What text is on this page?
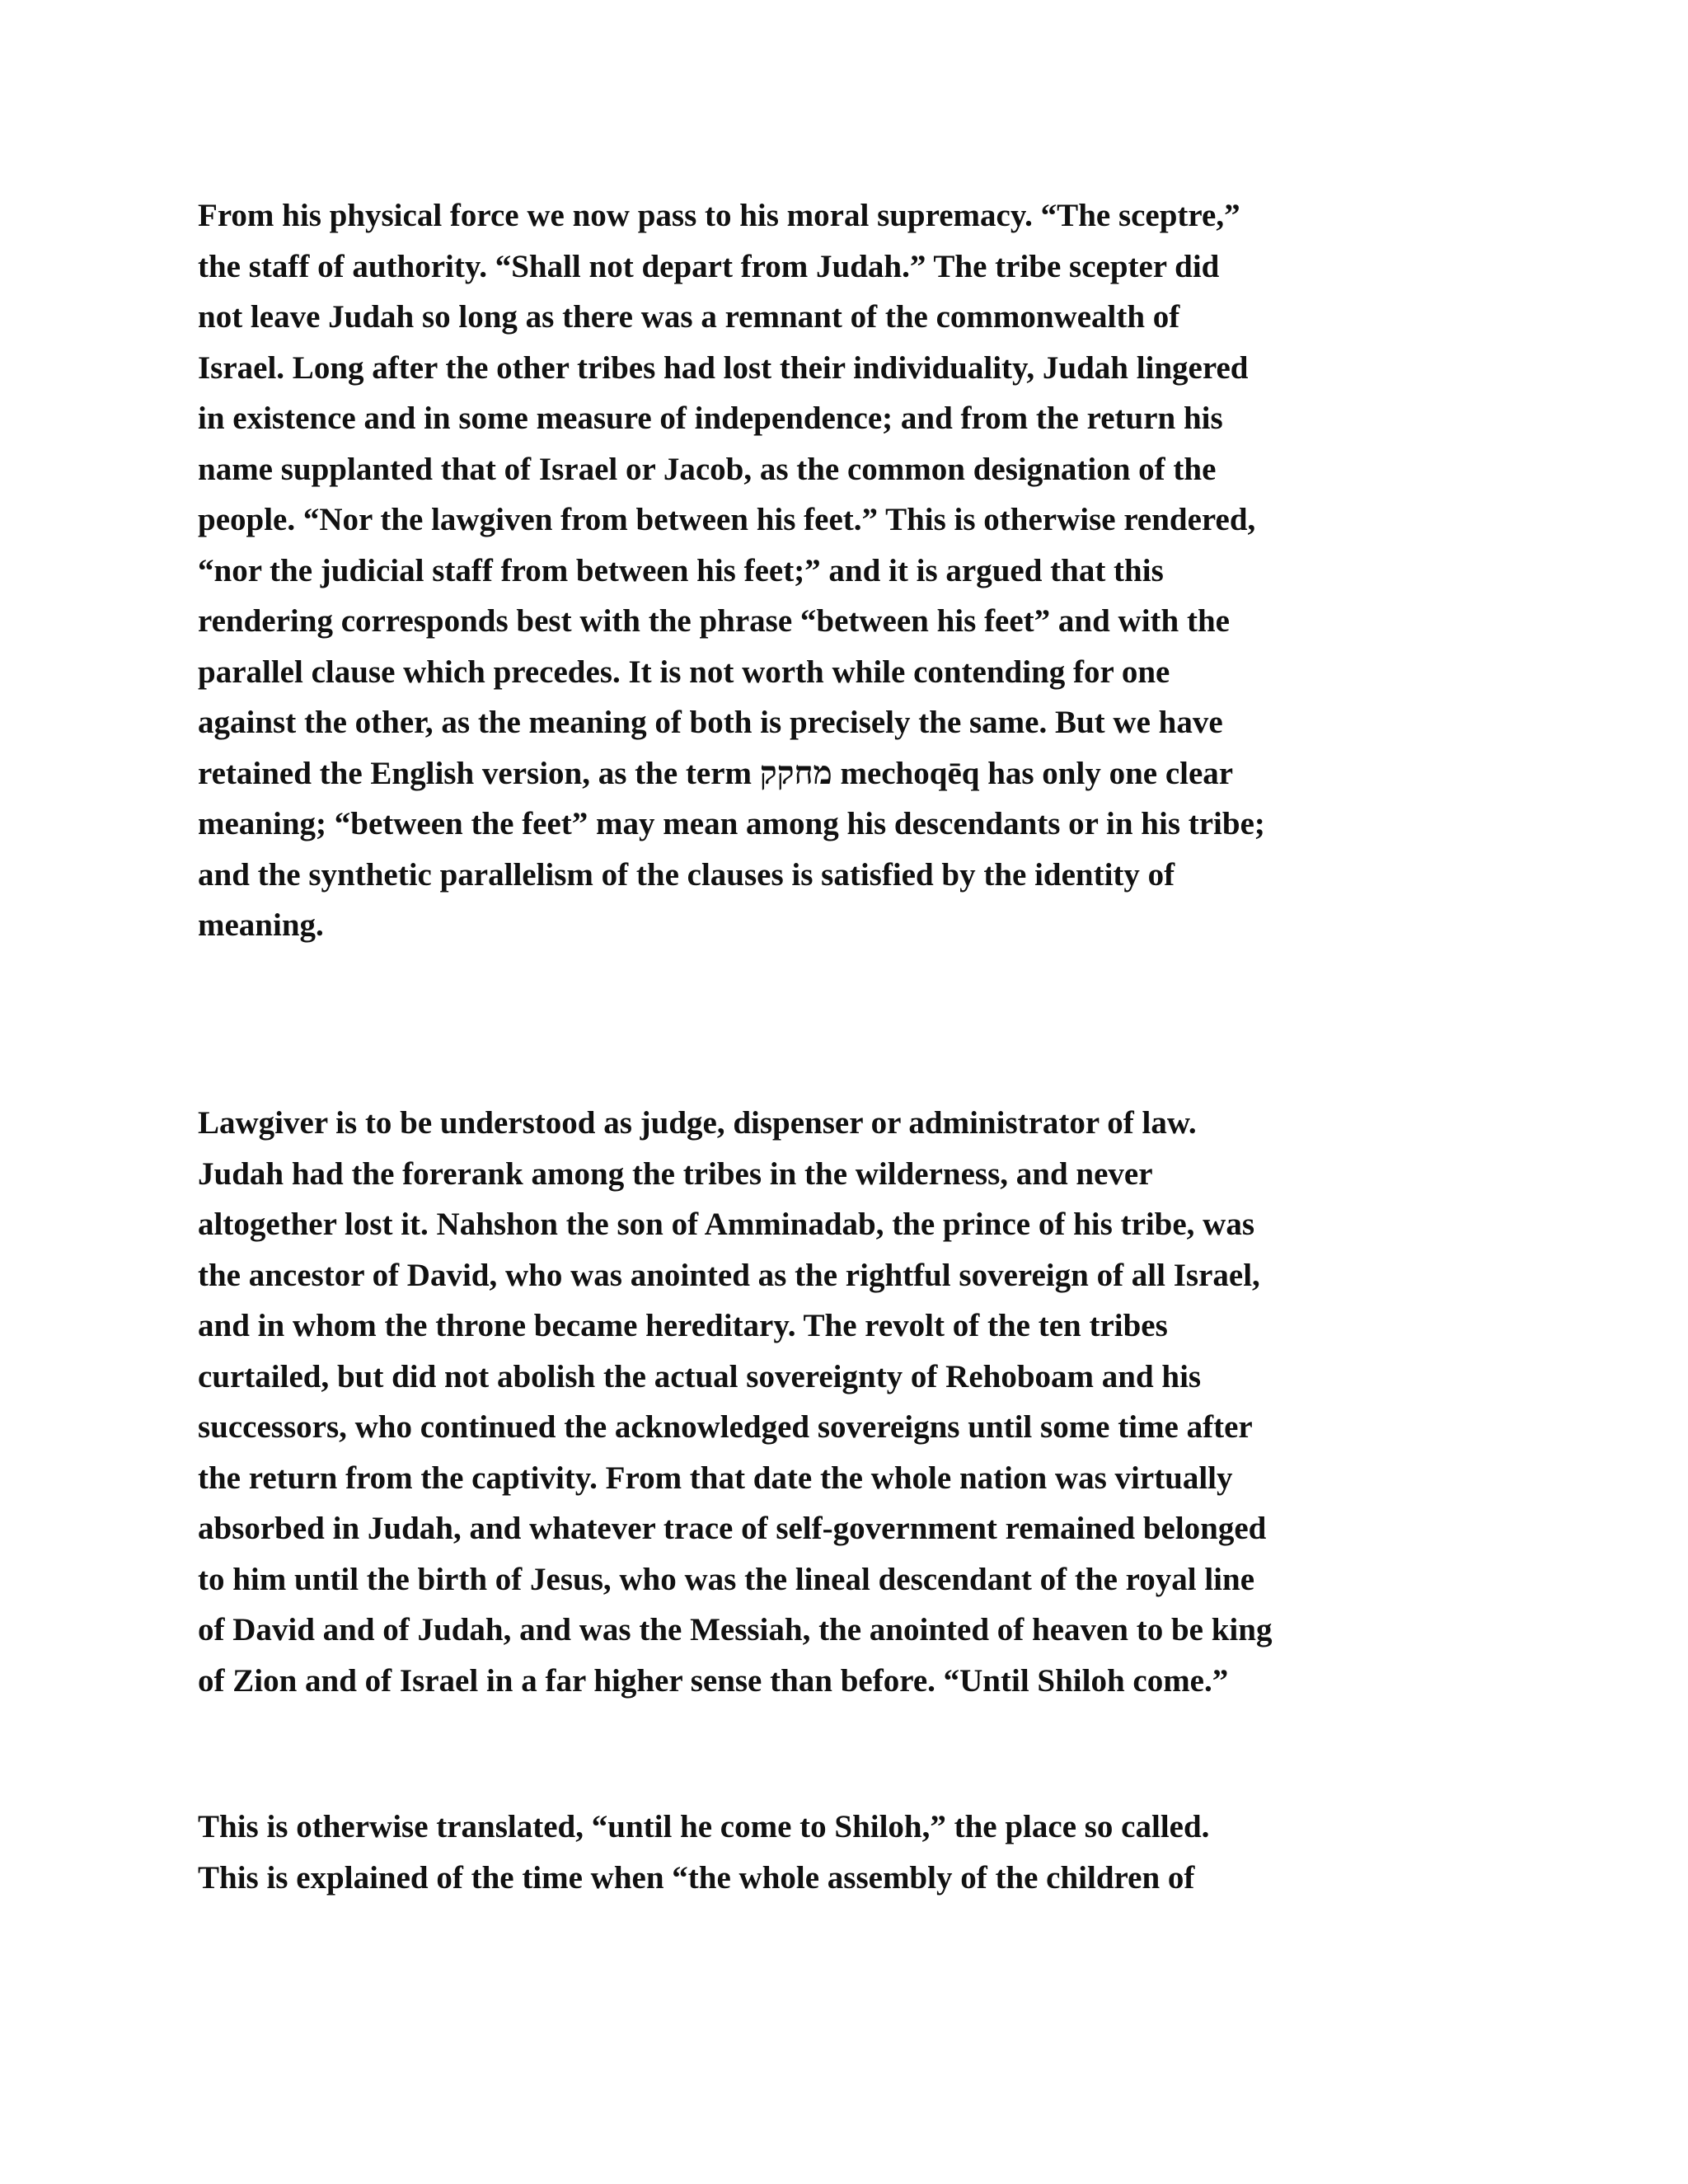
From his physical force we now pass to his moral supremacy. “The sceptre,”
the staff of authority. “Shall not depart from Judah.” The tribe scepter did
not leave Judah so long as there was a remnant of the commonwealth of
Israel. Long after the other tribes had lost their individuality, Judah lingered
in existence and in some measure of independence; and from the return his
name supplanted that of Israel or Jacob, as the common designation of the
people. “Nor the lawgiven from between his feet.” This is otherwise rendered,
“nor the judicial staff from between his feet;” and it is argued that this
rendering corresponds best with the phrase “between his feet” and with the
parallel clause which precedes. It is not worth while contending for one
against the other, as the meaning of both is precisely the same. But we have
retained the English version, as the term מחקק mechoqēq has only one clear
meaning; “between the feet” may mean among his descendants or in his tribe;
and the synthetic parallelism of the clauses is satisfied by the identity of
meaning.

Lawgiver is to be understood as judge, dispenser or administrator of law.
Judah had the forerank among the tribes in the wilderness, and never
altogether lost it. Nahshon the son of Amminadab, the prince of his tribe, was
the ancestor of David, who was anointed as the rightful sovereign of all Israel,
and in whom the throne became hereditary. The revolt of the ten tribes
curtailed, but did not abolish the actual sovereignty of Rehoboam and his
successors, who continued the acknowledged sovereigns until some time after
the return from the captivity. From that date the whole nation was virtually
absorbed in Judah, and whatever trace of self-government remained belonged
to him until the birth of Jesus, who was the lineal descendant of the royal line
of David and of Judah, and was the Messiah, the anointed of heaven to be king
of Zion and of Israel in a far higher sense than before. “Until Shiloh come.”

This is otherwise translated, “until he come to Shiloh,” the place so called.
This is explained of the time when “the whole assembly of the children of
